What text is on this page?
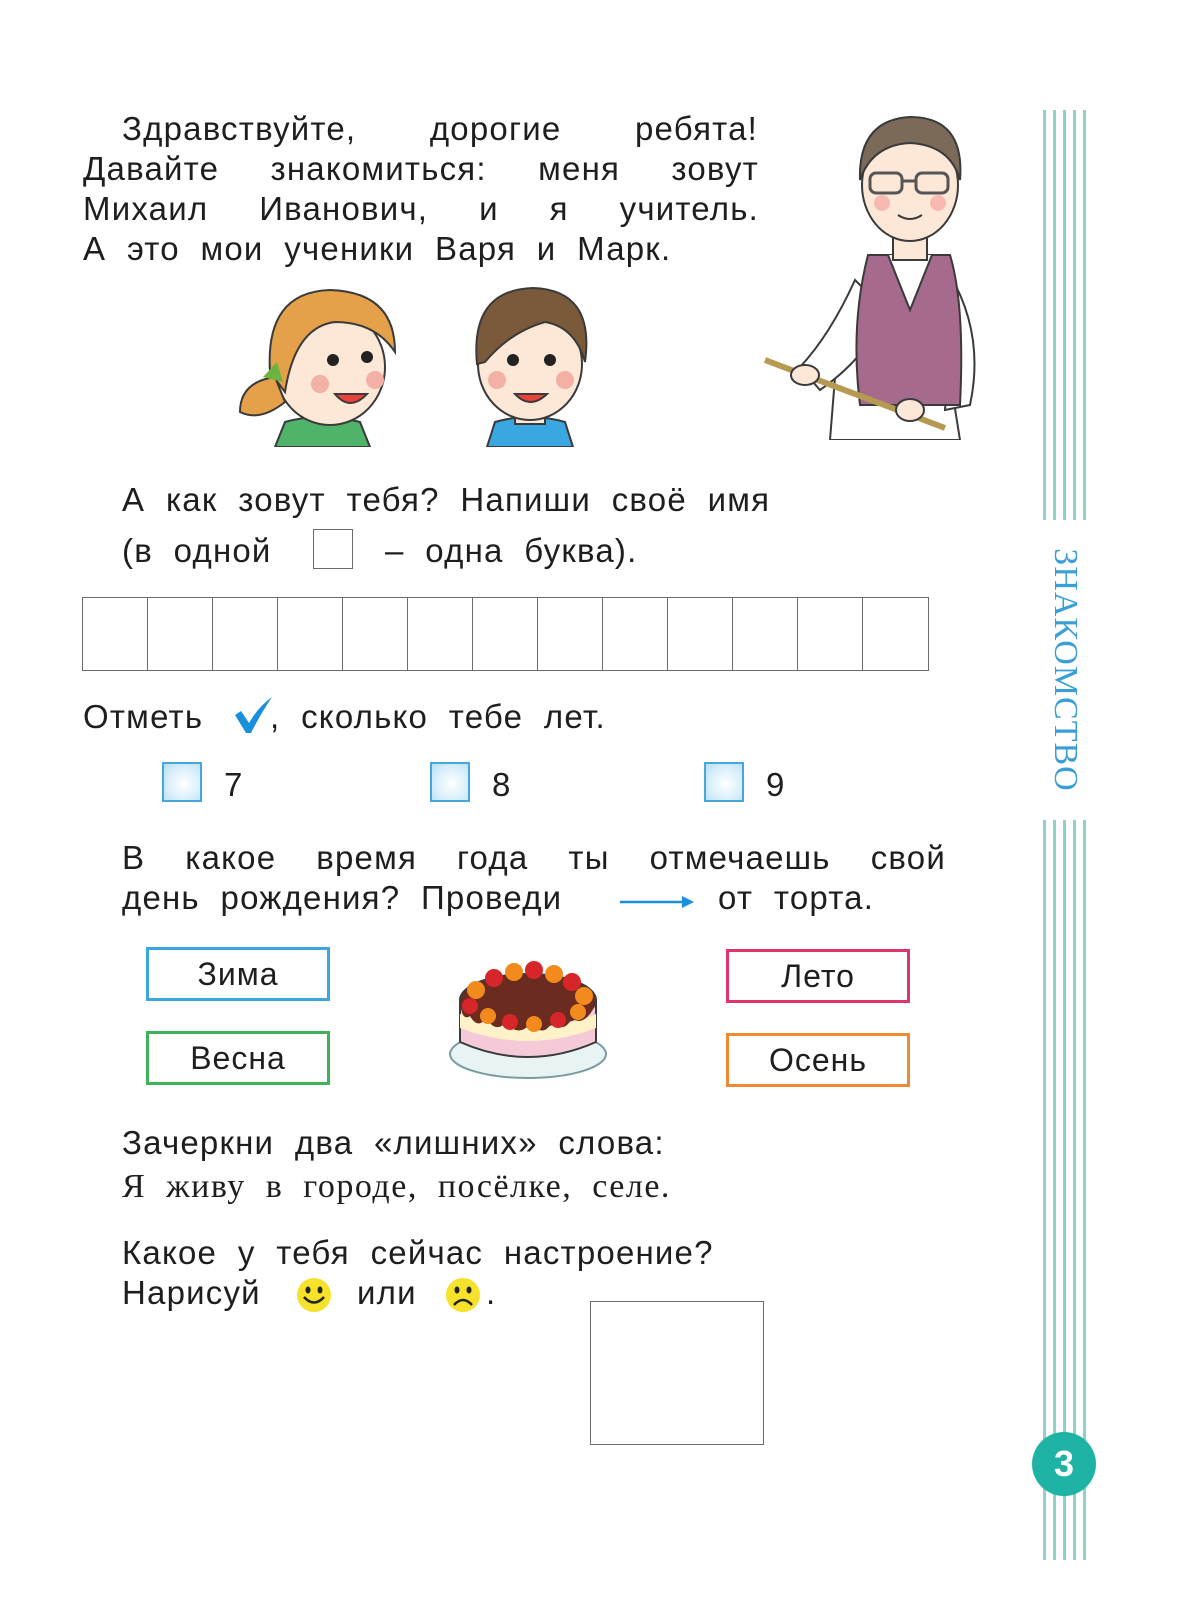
ЗНАКОМСТВО
3
Здравствуйте, дорогие ребята!
Давайте знакомиться: меня зовут
Михаил Иванович, и я учитель.
А  это  мои  ученики  Варя  и  Марк.
А  как  зовут  тебя?  Напиши  своё  имя
(в  одной	–  одна  буква).
Отметь ,  сколько  тебе  лет.
7	8	9
В какое время года ты отмечаешь свой
день  рождения?  Проведи	от  торта.
Зима
Весна
Лето
Осень
Зачеркни  два  «лишних»  слова:
Я  живу  в  городе,  посёлке,  селе.
Какое  у  тебя  сейчас  настроение?
Нарисуй	или .
